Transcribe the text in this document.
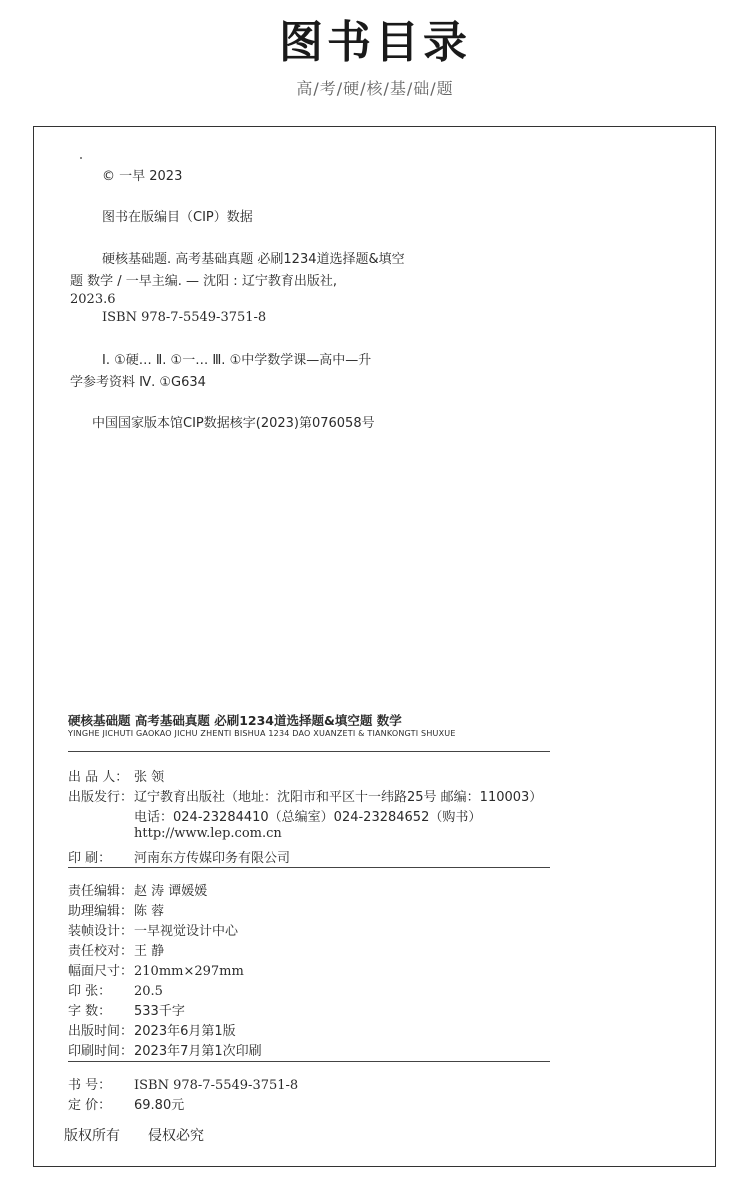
图书目录
高/考/硬/核/基/础/题
© 一早 2023
图书在版编目（CIP）数据
硬核基础题. 高考基础真题 必刷1234道选择题&填空
题 数学 / 一早主编. — 沈阳 : 辽宁教育出版社,
2023.6
ISBN 978-7-5549-3751-8
Ⅰ. ①硬… Ⅱ. ①一… Ⅲ. ①中学数学课—高中—升
学参考资料 Ⅳ. ①G634
中国国家版本馆CIP数据核字(2023)第076058号
硬核基础题 高考基础真题 必刷1234道选择题&填空题 数学
YINGHE JICHUTI GAOKAO JICHU ZHENTI BISHUA 1234 DAO XUANZETI & TIANKONGTI SHUXUE
出 品 人： 张 领
出版发行：辽宁教育出版社（地址：沈阳市和平区十一纬路25号 邮编：110003）
电话：024-23284410（总编室）024-23284652（购书）
http://www.lep.com.cn
印 刷： 河南东方传媒印务有限公司
责任编辑：赵 涛 谭媛媛
助理编辑：陈 蓉
装帧设计：一早视觉设计中心
责任校对：王 静
幅面尺寸：210mm×297mm
印 张： 20.5
字 数： 533千字
出版时间：2023年6月第1版
印刷时间：2023年7月第1次印刷
书 号： ISBN 978-7-5549-3751-8
定 价： 69.80元
版权所有 侵权必究
